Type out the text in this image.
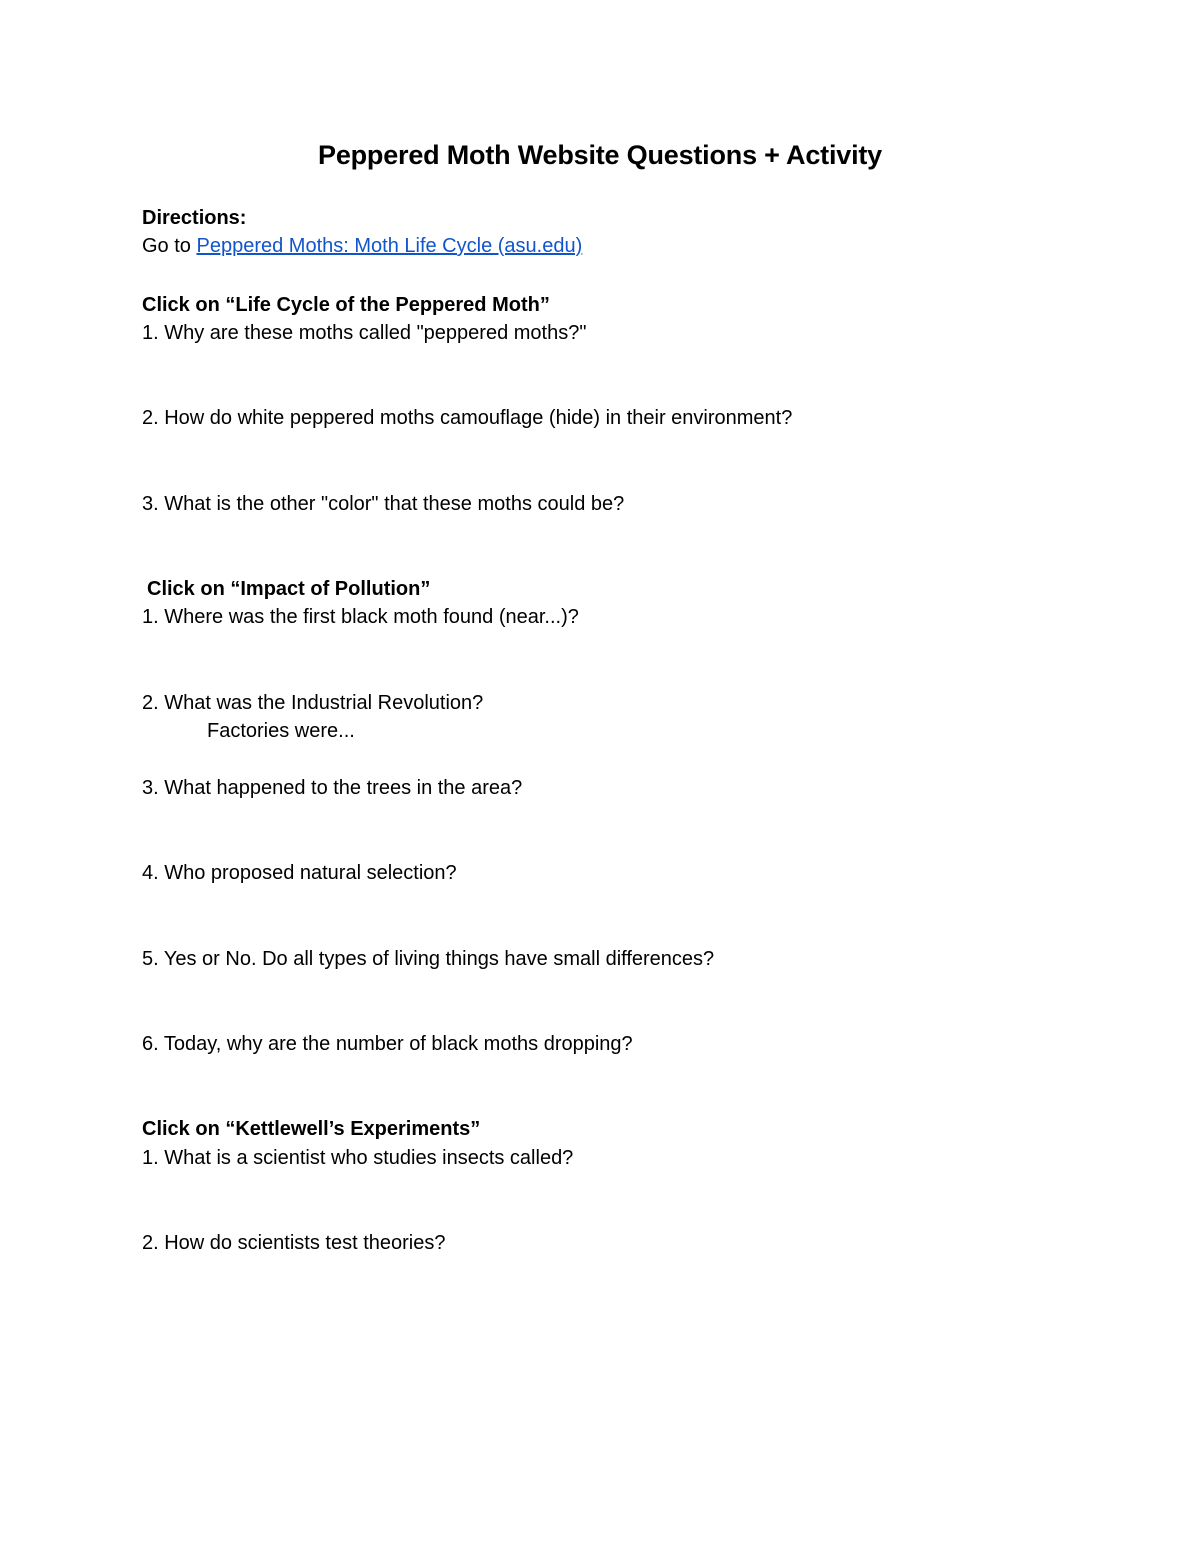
Peppered Moth Website Questions + Activity
Directions:
Go to Peppered Moths: Moth Life Cycle (asu.edu)
Click on “Life Cycle of the Peppered Moth”
1. Why are these moths called "peppered moths?"
2. How do white peppered moths camouflage (hide) in their environment?
3. What is the other "color" that these moths could be?
Click on “Impact of Pollution”
1. Where was the first black moth found (near...)?
2. What was the Industrial Revolution?
Factories were...
3. What happened to the trees in the area?
4. Who proposed natural selection?
5. Yes or No. Do all types of living things have small differences?
6. Today, why are the number of black moths dropping?
Click on “Kettlewell’s Experiments”
1. What is a scientist who studies insects called?
2. How do scientists test theories?
